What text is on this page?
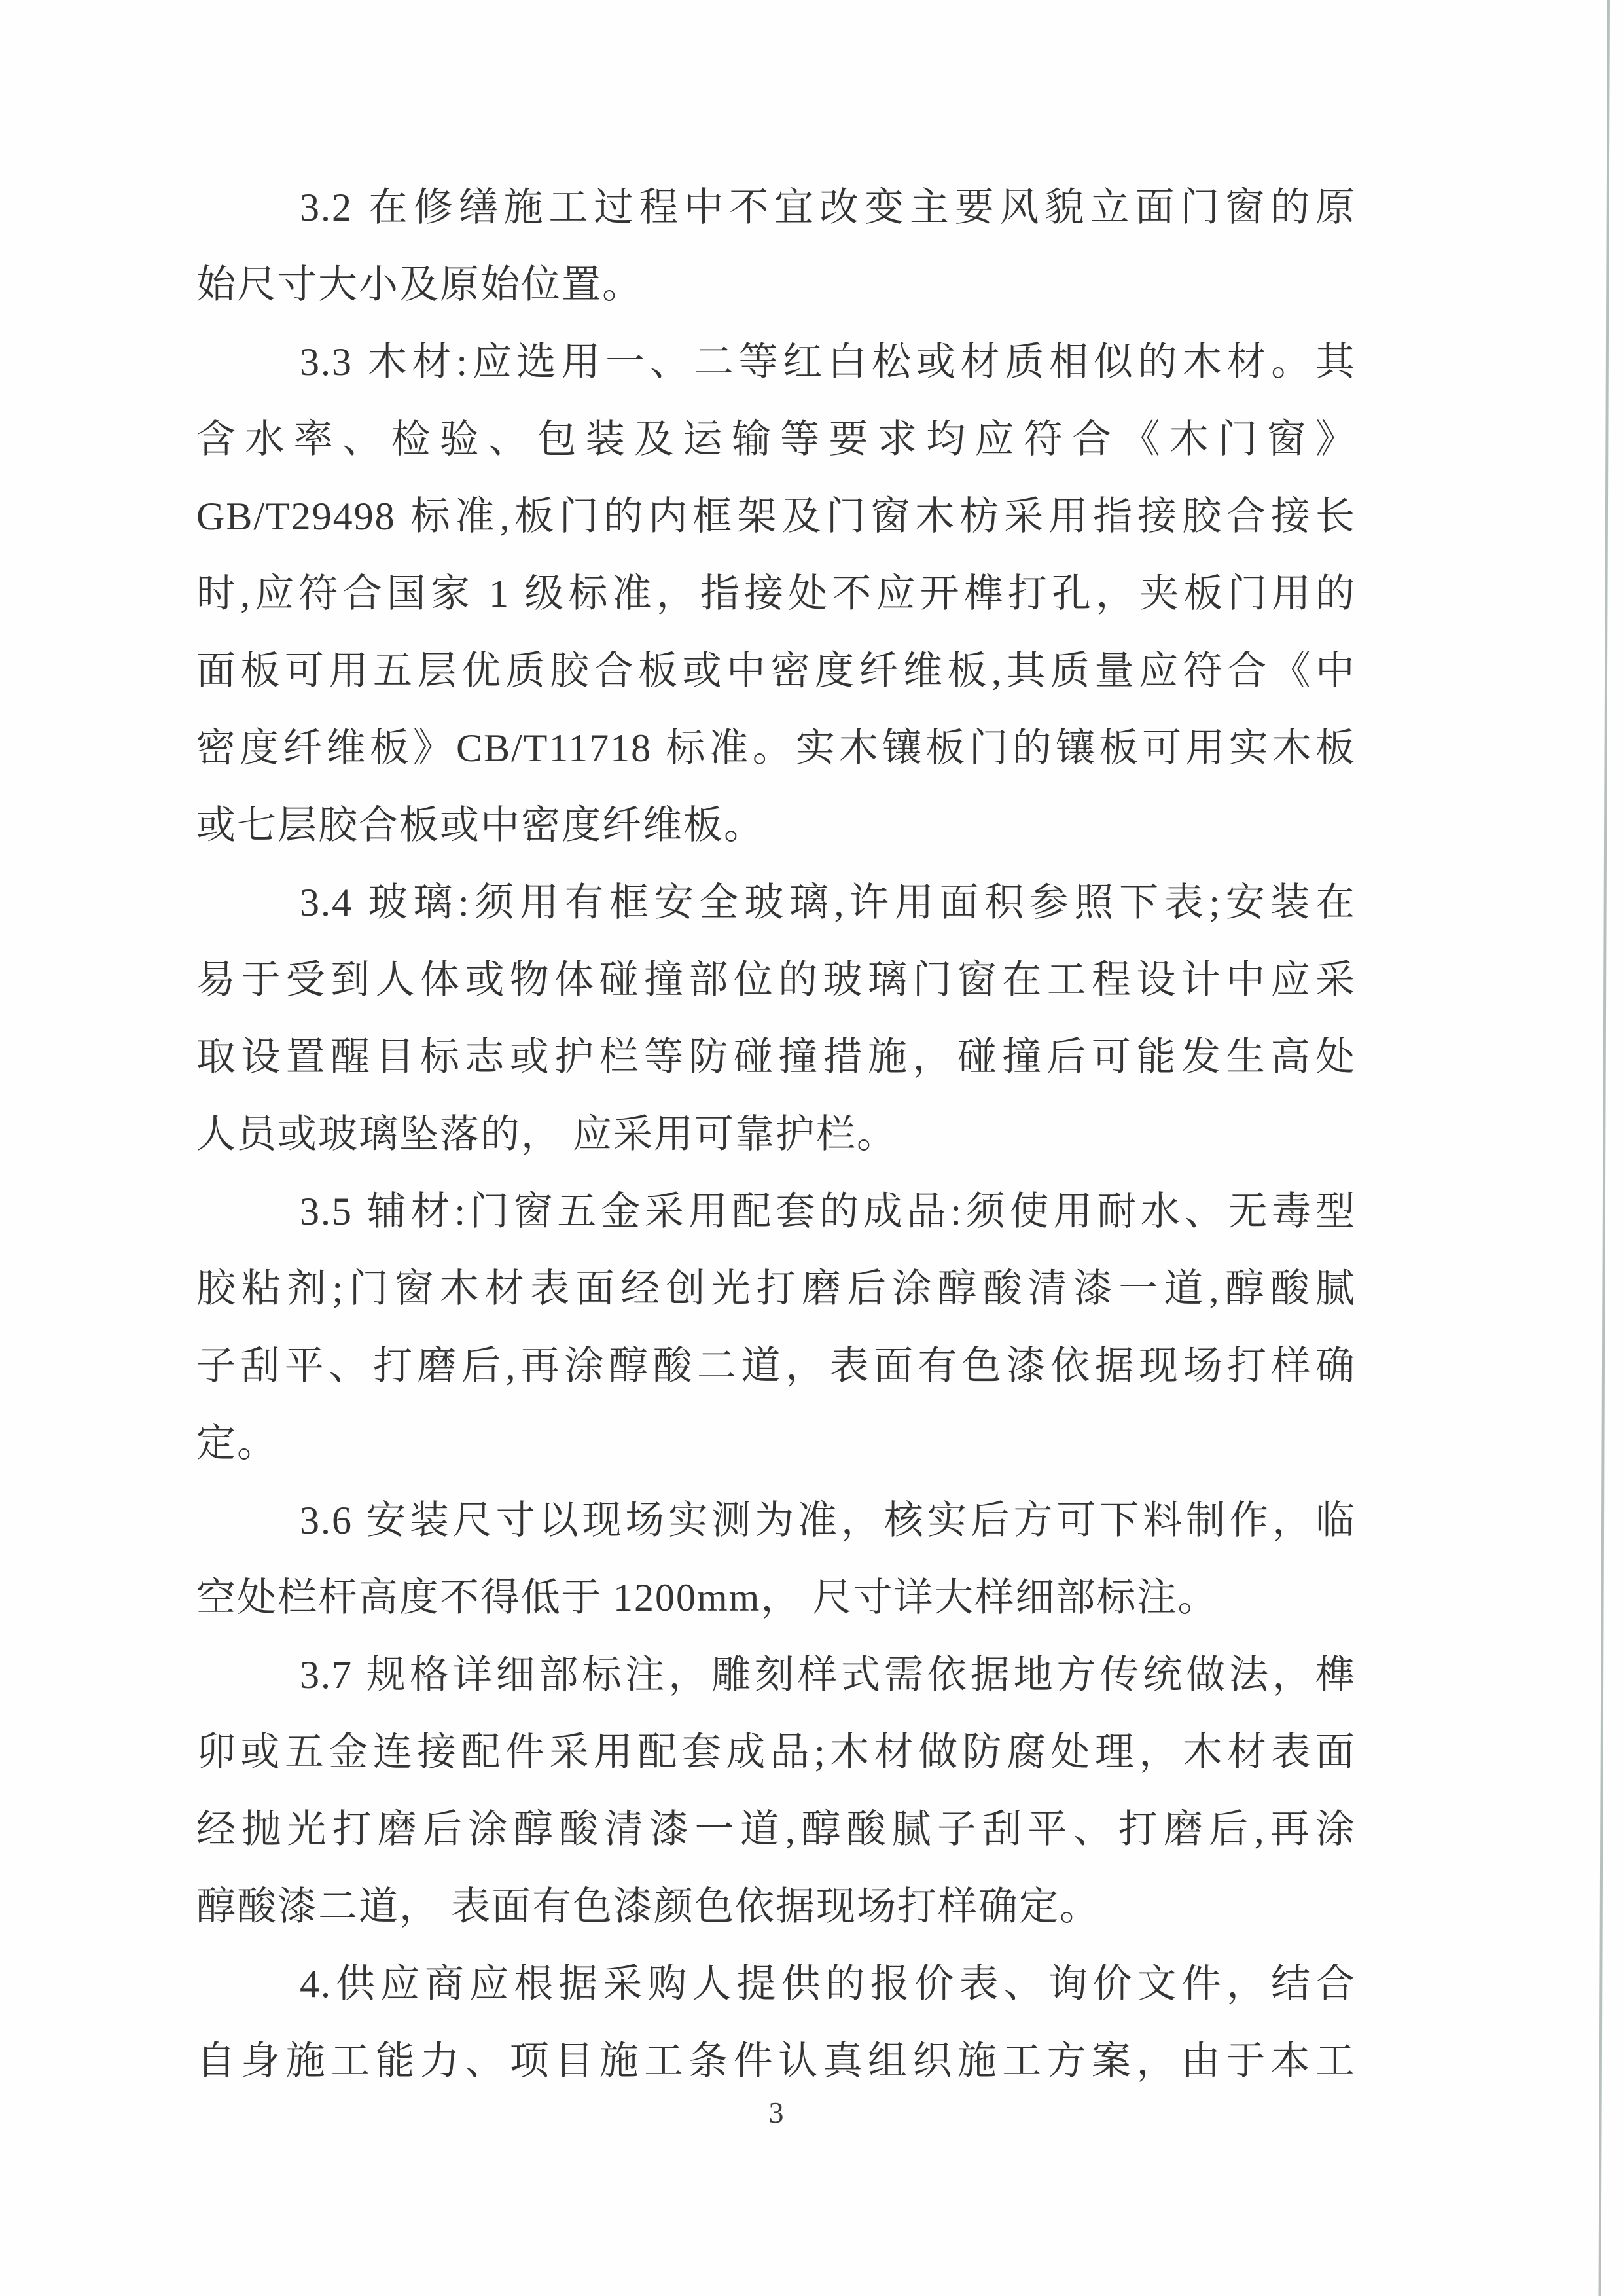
3.2 在修缮施工过程中不宜改变主要风貌立面门窗的原
始尺寸大小及原始位置。
3.3 木材:应选用一、二等红白松或材质相似的木材。其
含水率、检验、包装及运输等要求均应符合《木门窗》
GB/T29498 标准,板门的内框架及门窗木枋采用指接胶合接长
时,应符合国家 1 级标准，指接处不应开榫打孔，夹板门用的
面板可用五层优质胶合板或中密度纤维板,其质量应符合《中
密度纤维板》CB/T11718 标准。实木镶板门的镶板可用实木板
或七层胶合板或中密度纤维板。
3.4 玻璃:须用有框安全玻璃,许用面积参照下表;安装在
易于受到人体或物体碰撞部位的玻璃门窗在工程设计中应采
取设置醒目标志或护栏等防碰撞措施，碰撞后可能发生高处
人员或玻璃坠落的， 应采用可靠护栏。
3.5 辅材:门窗五金采用配套的成品:须使用耐水、无毒型
胶粘剂;门窗木材表面经创光打磨后涂醇酸清漆一道,醇酸腻
子刮平、打磨后,再涂醇酸二道，表面有色漆依据现场打样确
定。
3.6 安装尺寸以现场实测为准，核实后方可下料制作，临
空处栏杆高度不得低于 1200mm， 尺寸详大样细部标注。
3.7 规格详细部标注，雕刻样式需依据地方传统做法，榫
卯或五金连接配件采用配套成品;木材做防腐处理，木材表面
经抛光打磨后涂醇酸清漆一道,醇酸腻子刮平、打磨后,再涂
醇酸漆二道， 表面有色漆颜色依据现场打样确定。
4.供应商应根据采购人提供的报价表、询价文件，结合
自身施工能力、项目施工条件认真组织施工方案，由于本工
3
